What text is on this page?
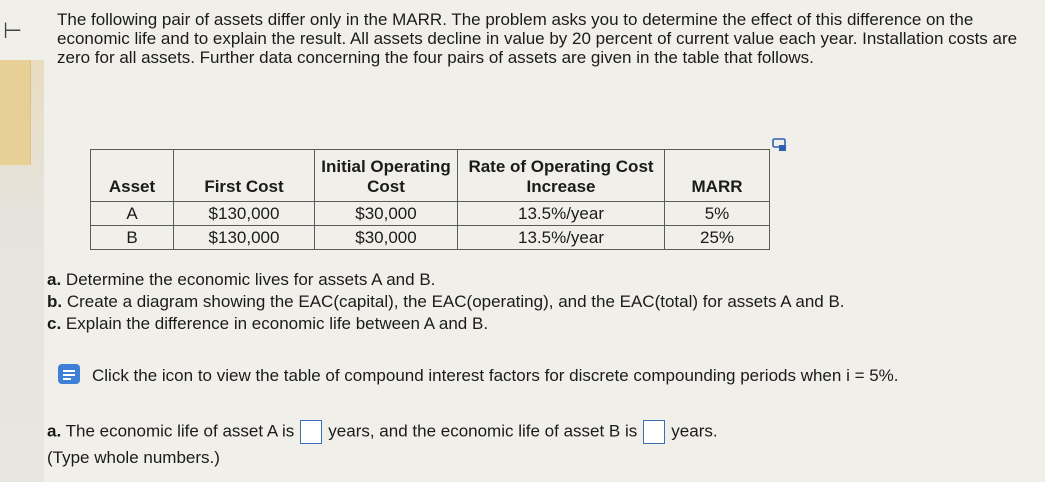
⊢ The following pair of assets differ only in the MARR. The problem asks you to determine the effect of this difference on the economic life and to explain the result. All assets decline in value by 20 percent of current value each year. Installation costs are zero for all assets. Further data concerning the four pairs of assets are given in the table that follows.

Asset	First Cost	Initial Operating Cost	Rate of Operating Cost Increase	MARR
A	$130,000	$30,000	13.5%/year	5%
B	$130,000	$30,000	13.5%/year	25%

a. Determine the economic lives for assets A and B.

b. Create a diagram showing the EAC(capital), the EAC(operating), and the EAC(total) for assets A and B.

c. Explain the difference in economic life between A and B.

Click the icon to view the table of compound interest factors for discrete compounding periods when i = 5%.

a. The economic life of asset A is years, and the economic life of asset B is years.

(Type whole numbers.)
